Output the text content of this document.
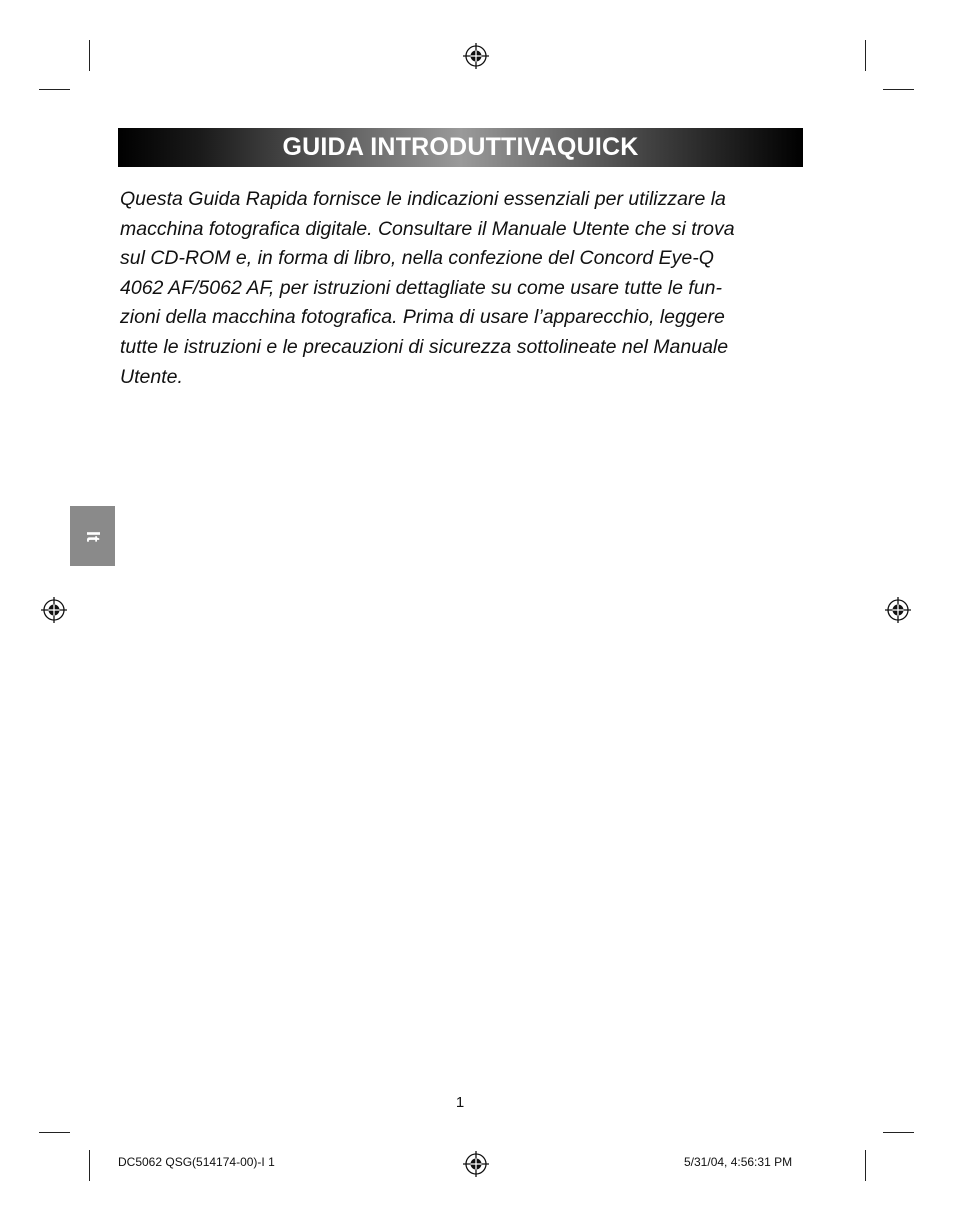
GUIDA INTRODUTTIVAQUICK
Questa Guida Rapida fornisce le indicazioni essenziali per utilizzare la
macchina fotografica digitale. Consultare il Manuale Utente che si trova
sul CD-ROM e, in forma di libro, nella confezione del Concord Eye-Q
4062 AF/5062 AF, per istruzioni dettagliate su come usare tutte le fun-
zioni della macchina fotografica. Prima di usare l’apparecchio, leggere
tutte le istruzioni e le precauzioni di sicurezza sottolineate nel Manuale
Utente.
It
1
DC5062 QSG(514174-00)-I 1	5/31/04, 4:56:31 PM
